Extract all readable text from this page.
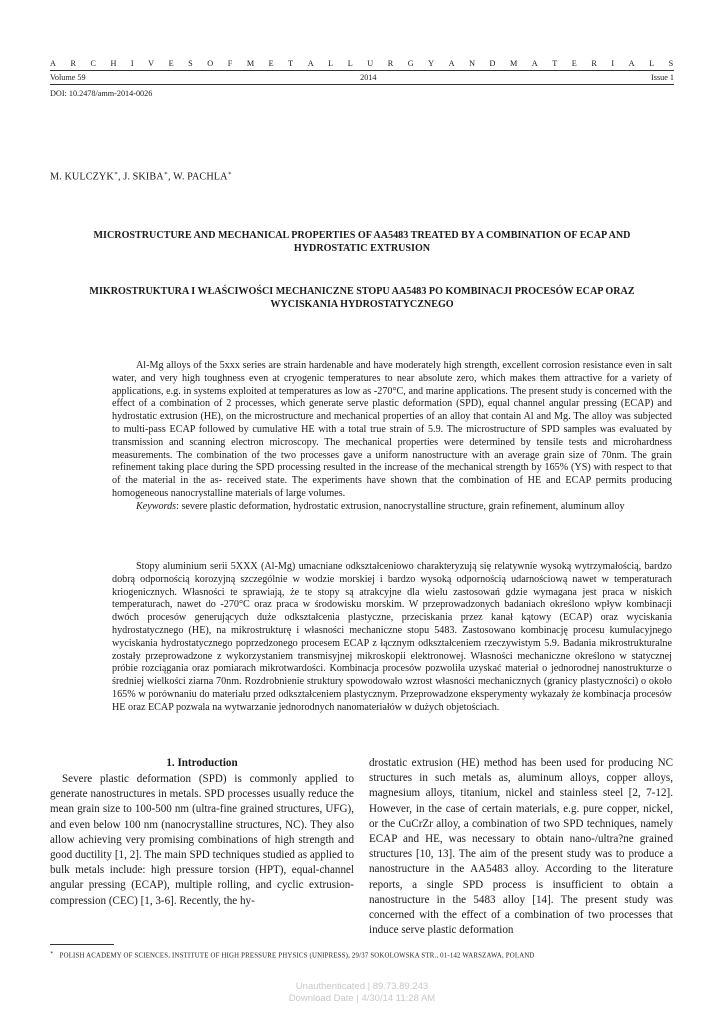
A R C H I V E S O F M E T A L L U R G Y A N D M A T E R I A L S
Volume 59	2014	Issue 1
DOI: 10.2478/amm-2014-0026
M. KULCZYK∗, J. SKIBA∗, W. PACHLA∗
MICROSTRUCTURE AND MECHANICAL PROPERTIES OF AA5483 TREATED BY A COMBINATION OF ECAP AND
HYDROSTATIC EXTRUSION
MIKROSTRUKTURA I WŁAŚCIWOŚCI MECHANICZNE STOPU AA5483 PO KOMBINACJI PROCESÓW ECAP ORAZ
WYCISKANIA HYDROSTATYCZNEGO

Al-Mg alloys of the 5xxx series are strain hardenable and have moderately high strength, excellent corrosion resistance even in salt water, and very high toughness even at cryogenic temperatures to near absolute zero, which makes them attractive for a variety of applications, e.g. in systems exploited at temperatures as low as -270°C, and marine applications. The present study is concerned with the effect of a combination of 2 processes, which generate serve plastic deformation (SPD), equal channel angular pressing (ECAP) and hydrostatic extrusion (HE), on the microstructure and mechanical properties of an alloy that contain Al and Mg. The alloy was subjected to multi-pass ECAP followed by cumulative HE with a total true strain of 5.9. The microstructure of SPD samples was evaluated by transmission and scanning electron microscopy. The mechanical properties were determined by tensile tests and microhardness measurements. The combination of the two processes gave a uniform nanostructure with an average grain size of 70nm. The grain refinement taking place during the SPD processing resulted in the increase of the mechanical strength by 165% (YS) with respect to that of the material in the as- received state. The experiments have shown that the combination of HE and ECAP permits producing homogeneous nanocrystalline materials of large volumes.

Keywords: severe plastic deformation, hydrostatic extrusion, nanocrystalline structure, grain refinement, aluminum alloy

Stopy aluminium serii 5XXX (Al-Mg) umacniane odkształceniowo charakteryzują się relatywnie wysoką wytrzymałością, bardzo dobrą odpornością korozyjną szczególnie w wodzie morskiej i bardzo wysoką odpornością udarnościową nawet w temperaturach kriogenicznych. Własności te sprawiają, że te stopy są atrakcyjne dla wielu zastosowań gdzie wymagana jest praca w niskich temperaturach, nawet do -270°C oraz praca w środowisku morskim. W przeprowadzonych badaniach określono wpływ kombinacji dwóch procesów generujących duże odkształcenia plastyczne, przeciskania przez kanał kątowy (ECAP) oraz wyciskania hydrostatycznego (HE), na mikrostrukturę i własności mechaniczne stopu 5483. Zastosowano kombinację procesu kumulacyjnego wyciskania hydrostatycznego poprzedzonego procesem ECAP z łącznym odkształceniem rzeczywistym 5.9. Badania mikrostrukturalne zostały przeprowadzone z wykorzystaniem transmisyjnej mikroskopii elektronowej. Własności mechaniczne określono w statycznej próbie rozciągania oraz pomiarach mikrotwardości. Kombinacja procesów pozwoliła uzyskać materiał o jednorodnej nanostrukturze o średniej wielkości ziarna 70nm. Rozdrobnienie struktury spowodowało wzrost własności mechanicznych (granicy plastyczności) o około 165% w porównaniu do materiału przed odkształceniem plastycznym. Przeprowadzone eksperymenty wykazały że kombinacja procesów HE oraz ECAP pozwala na wytwarzanie jednorodnych nanomateriałów w dużych objetościach.

1. Introduction

Severe plastic deformation (SPD) is commonly applied to generate nanostructures in metals. SPD processes usually reduce the mean grain size to 100-500 nm (ultra-fine grained structures, UFG), and even below 100 nm (nanocrystalline structures, NC). They also allow achieving very promising combinations of high strength and good ductility [1, 2]. The main SPD techniques studied as applied to bulk metals include: high pressure torsion (HPT), equal-channel angular pressing (ECAP), multiple rolling, and cyclic extrusion-compression (CEC) [1, 3-6]. Recently, the hy-

drostatic extrusion (HE) method has been used for producing NC structures in such metals as, aluminum alloys, copper alloys, magnesium alloys, titanium, nickel and stainless steel [2, 7-12]. However, in the case of certain materials, e.g. pure copper, nickel, or the CuCrZr alloy, a combination of two SPD techniques, namely ECAP and HE, was necessary to obtain nano-/ultra?ne grained structures [10, 13]. The aim of the present study was to produce a nanostructure in the AA5483 alloy. According to the literature reports, a single SPD process is insufficient to obtain a nanostructure in the 5483 alloy [14]. The present study was concerned with the effect of a combination of two processes that induce serve plastic deformation

∗ POLISH ACADEMY OF SCIENCES, INSTITUTE OF HIGH PRESSURE PHYSICS (UNIPRESS), 29/37 SOKOLOWSKA STR., 01-142 WARSZAWA, POLAND
Unauthenticated | 89.73.89.243
Download Date | 4/30/14 11:28 AM
